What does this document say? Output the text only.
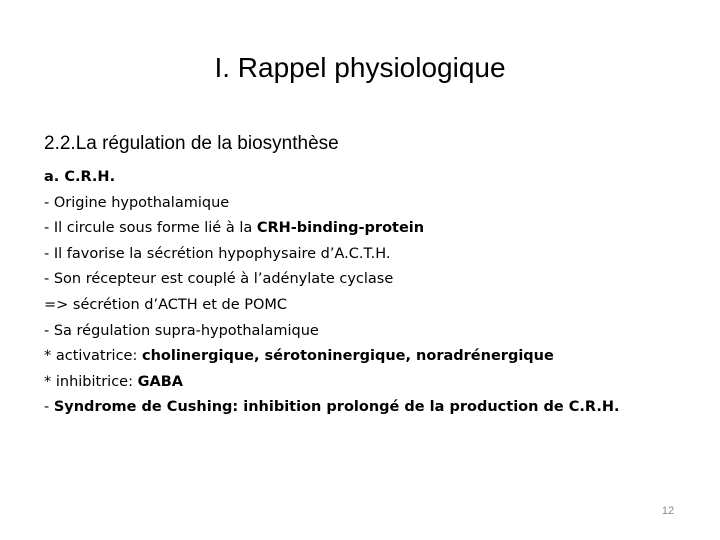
I. Rappel physiologique
2.2.La régulation de la biosynthèse
a. C.R.H.
- Origine hypothalamique
- Il circule sous forme lié à la CRH-binding-protein
- Il favorise la sécrétion hypophysaire d’A.C.T.H.
- Son récepteur est couplé à l’adénylate cyclase
=> sécrétion d’ACTH et de POMC
- Sa régulation supra-hypothalamique
* activatrice: cholinergique, sérotoninergique, noradrénergique
* inhibitrice: GABA
- Syndrome de Cushing: inhibition prolongé de la production de C.R.H.
12
